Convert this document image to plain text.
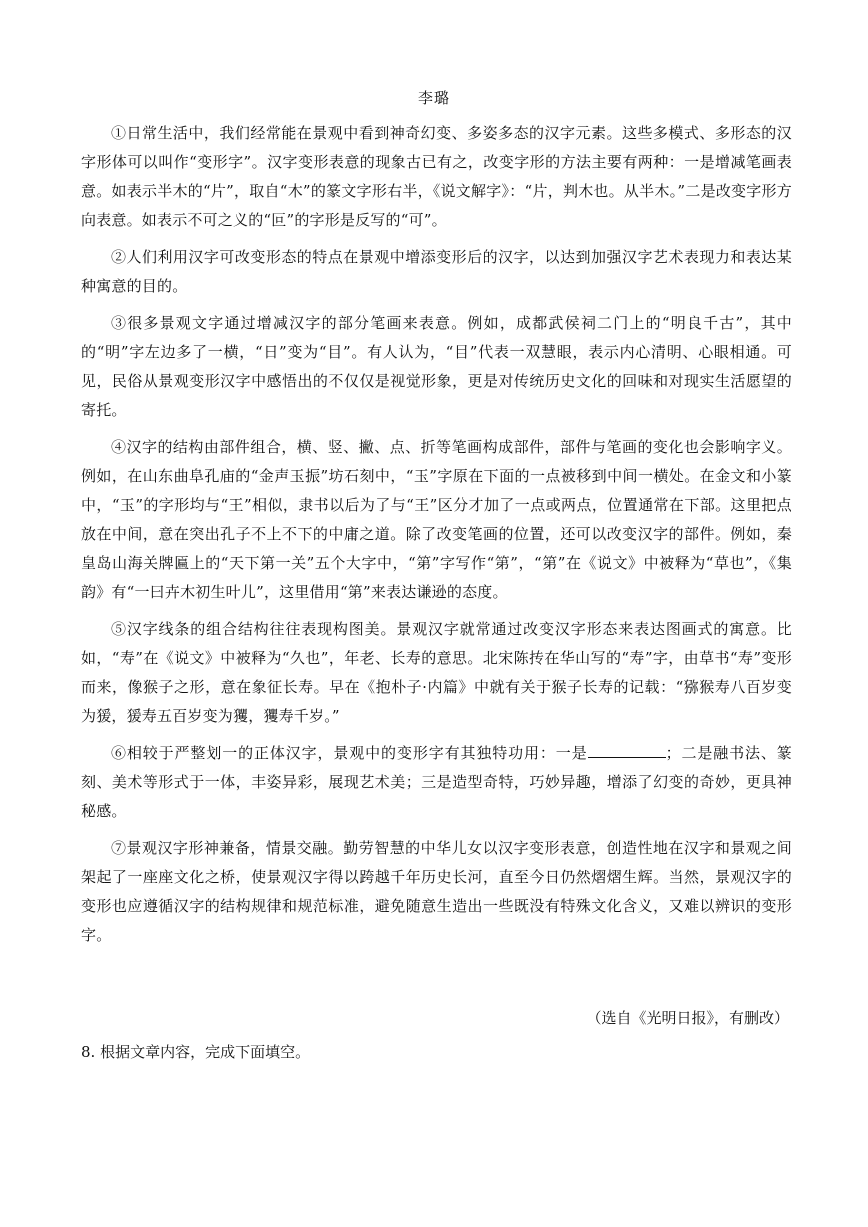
李璐

①日常生活中，我们经常能在景观中看到神奇幻变、多姿多态的汉字元素。这些多模式、多形态的汉字形体可以叫作“变形字”。汉字变形表意的现象古已有之，改变字形的方法主要有两种：一是增减笔画表意。如表示半木的“片”，取自“木”的篆文字形右半，《说文解字》：“片，判木也。从半木。”二是改变字形方向表意。如表示不可之义的“叵”的字形是反写的“可”。

②人们利用汉字可改变形态的特点在景观中增添变形后的汉字，以达到加强汉字艺术表现力和表达某种寓意的目的。

③很多景观文字通过增减汉字的部分笔画来表意。例如，成都武侯祠二门上的“明良千古”，其中的“明”字左边多了一横，“日”变为“目”。有人认为，“目”代表一双慧眼，表示内心清明、心眼相通。可见，民俗从景观变形汉字中感悟出的不仅仅是视觉形象，更是对传统历史文化的回味和对现实生活愿望的寄托。

④汉字的结构由部件组合，横、竖、撇、点、折等笔画构成部件，部件与笔画的变化也会影响字义。例如，在山东曲阜孔庙的“金声玉振”坊石刻中，“玉”字原在下面的一点被移到中间一横处。在金文和小篆中，“玉”的字形均与“王”相似，隶书以后为了与“王”区分才加了一点或两点，位置通常在下部。这里把点放在中间，意在突出孔子不上不下的中庸之道。除了改变笔画的位置，还可以改变汉字的部件。例如，秦皇岛山海关牌匾上的“天下第一关”五个大字中，“第”字写作“第”，“第”在《说文》中被释为“草也”，《集韵》有“一曰卉木初生叶儿”，这里借用“第”来表达谦逊的态度。

⑤汉字线条的组合结构往往表现构图美。景观汉字就常通过改变汉字形态来表达图画式的寓意。比如，“寿”在《说文》中被释为“久也”，年老、长寿的意思。北宋陈抟在华山写的“寿”字，由草书“寿”变形而来，像猴子之形，意在象征长寿。早在《抱朴子·内篇》中就有关于猴子长寿的记载：“猕猴寿八百岁变为猨，猨寿五百岁变为玃，玃寿千岁。”

⑥相较于严整划一的正体汉字，景观中的变形字有其独特功用：一是	；二是融书法、篆刻、美术等形式于一体，丰姿异彩，展现艺术美；三是造型奇特，巧妙异趣，增添了幻变的奇妙，更具神秘感。

⑦景观汉字形神兼备，情景交融。勤劳智慧的中华儿女以汉字变形表意，创造性地在汉字和景观之间架起了一座座文化之桥，使景观汉字得以跨越千年历史长河，直至今日仍然熠熠生辉。当然，景观汉字的变形也应遵循汉字的结构规律和规范标准，避免随意生造出一些既没有特殊文化含义，又难以辨识的变形字。

（选自《光明日报》，有删改）
8. 根据文章内容，完成下面填空。
